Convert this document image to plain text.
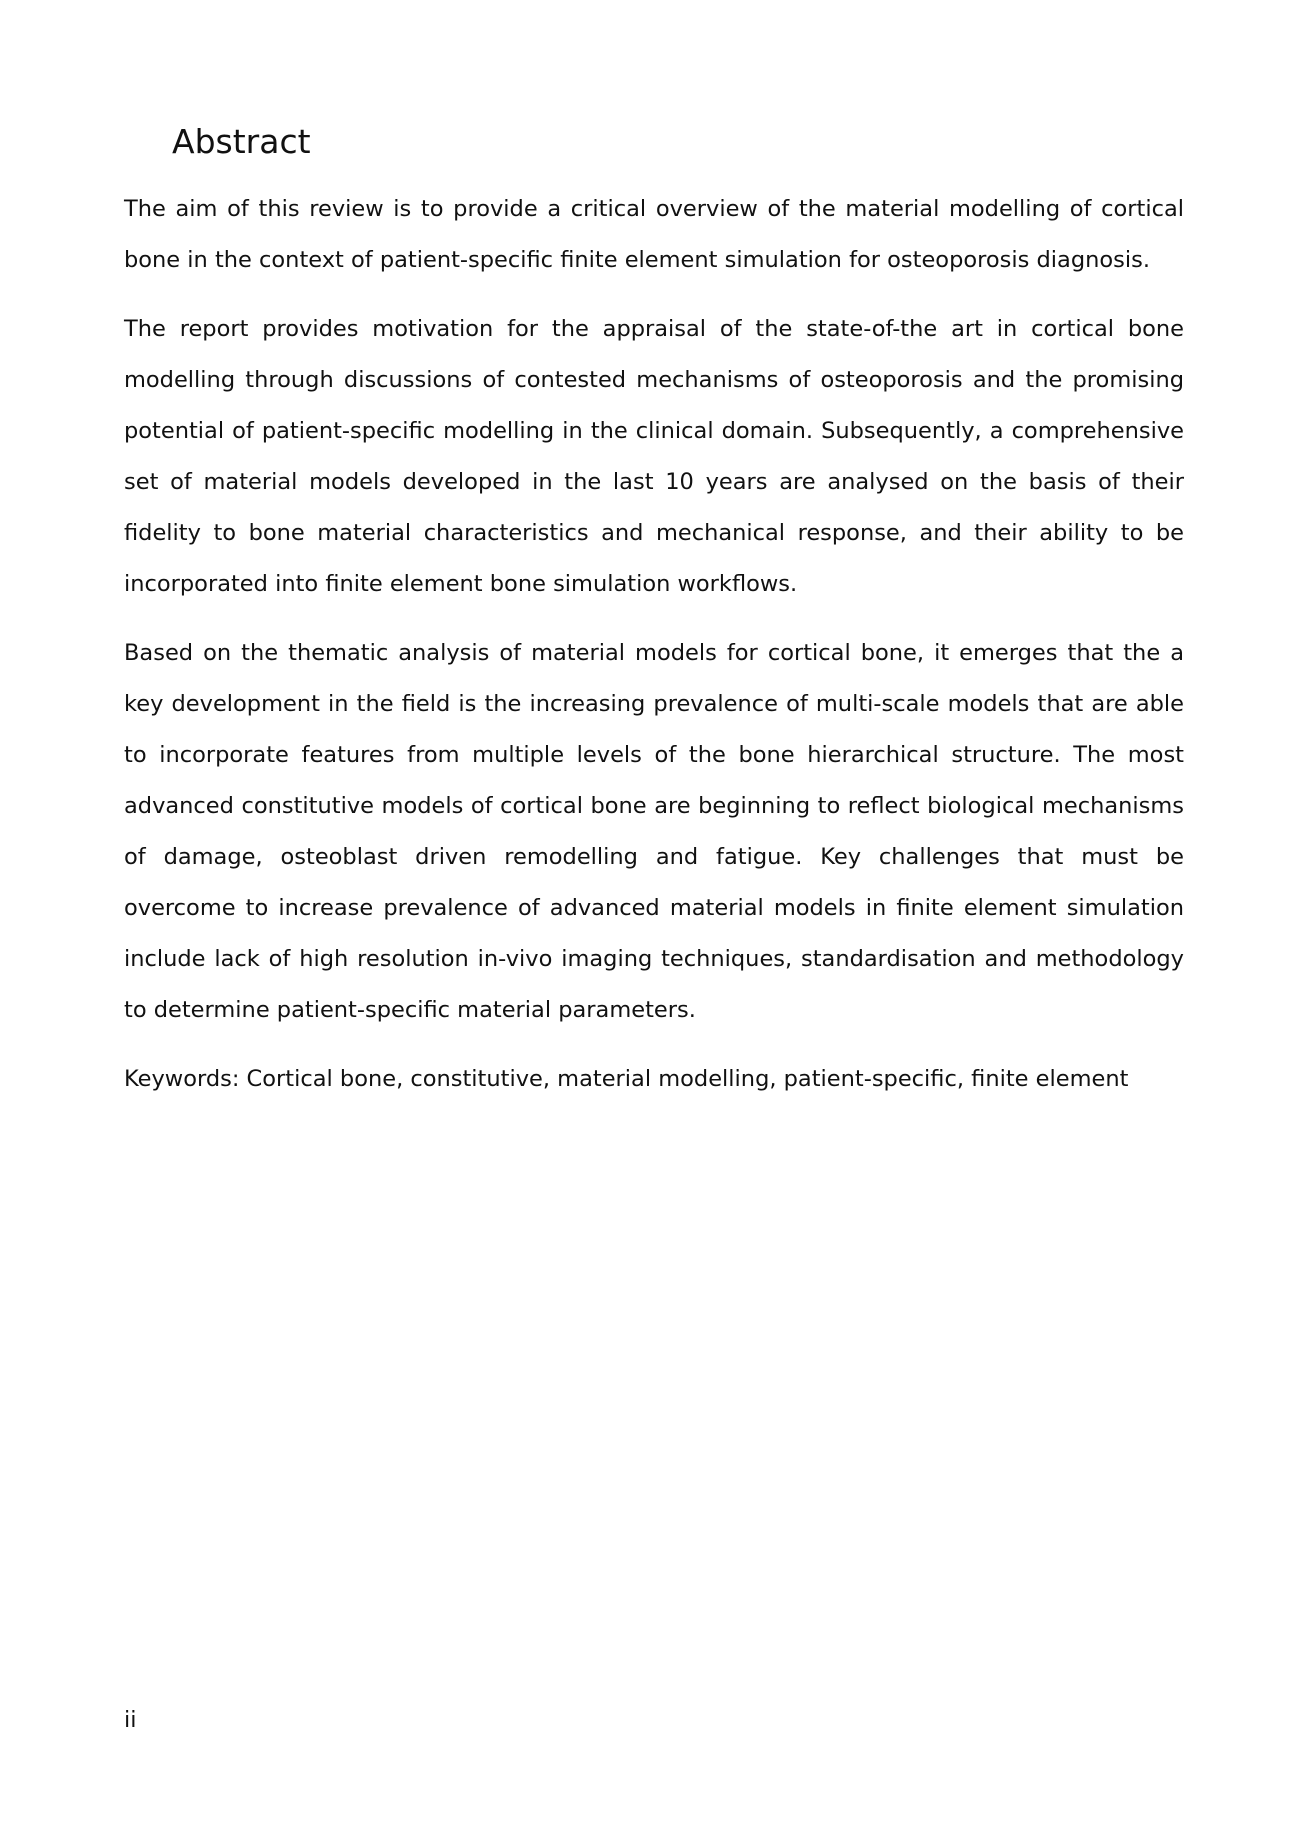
Abstract

The aim of this review is to provide a critical overview of the material modelling of cortical bone in the context of patient-specific finite element simulation for osteoporosis diagnosis.

The report provides motivation for the appraisal of the state-of-the art in cortical bone modelling through discussions of contested mechanisms of osteoporosis and the promising potential of patient-specific modelling in the clinical domain. Subsequently, a comprehensive set of material models developed in the last 10 years are analysed on the basis of their fidelity to bone material characteristics and mechanical response, and their ability to be incorporated into finite element bone simulation workflows.

Based on the thematic analysis of material models for cortical bone, it emerges that the a key development in the field is the increasing prevalence of multi-scale models that are able to incorporate features from multiple levels of the bone hierarchical structure. The most advanced constitutive models of cortical bone are beginning to reflect biological mechanisms of damage, osteoblast driven remodelling and fatigue. Key challenges that must be overcome to increase prevalence of advanced material models in finite element simulation include lack of high resolution in-vivo imaging techniques, standardisation and methodology to determine patient-specific material parameters.

Keywords: Cortical bone, constitutive, material modelling, patient-specific, finite element

ii
